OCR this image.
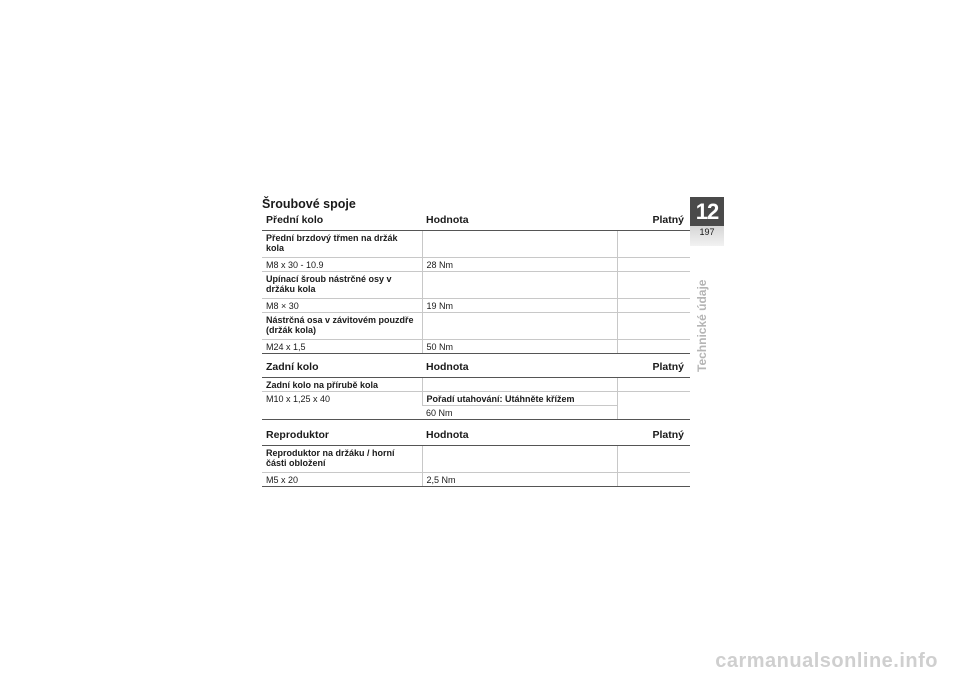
Šroubové spoje
Přední kolo	Hodnota	Platný
Přední brzdový třmen na držák kola		
M8 x 30 - 10.9	28 Nm	
Upínací šroub nástrčné osy v držáku kola		
M8 × 30	19 Nm	
Nástrčná osa v závitovém pouzdře (držák kola)		
M24 x 1,5	50 Nm	
Zadní kolo	Hodnota	Platný
Zadní kolo na přírubě kola		
M10 x 1,25 x 40	Pořadí utahování: Utáhněte křížem	
	60 Nm	
Reproduktor	Hodnota	Platný
Reproduktor na držáku / horní části obložení		
M5 x 20	2,5 Nm	
12
197
Technické údaje
carmanualsonline.info
